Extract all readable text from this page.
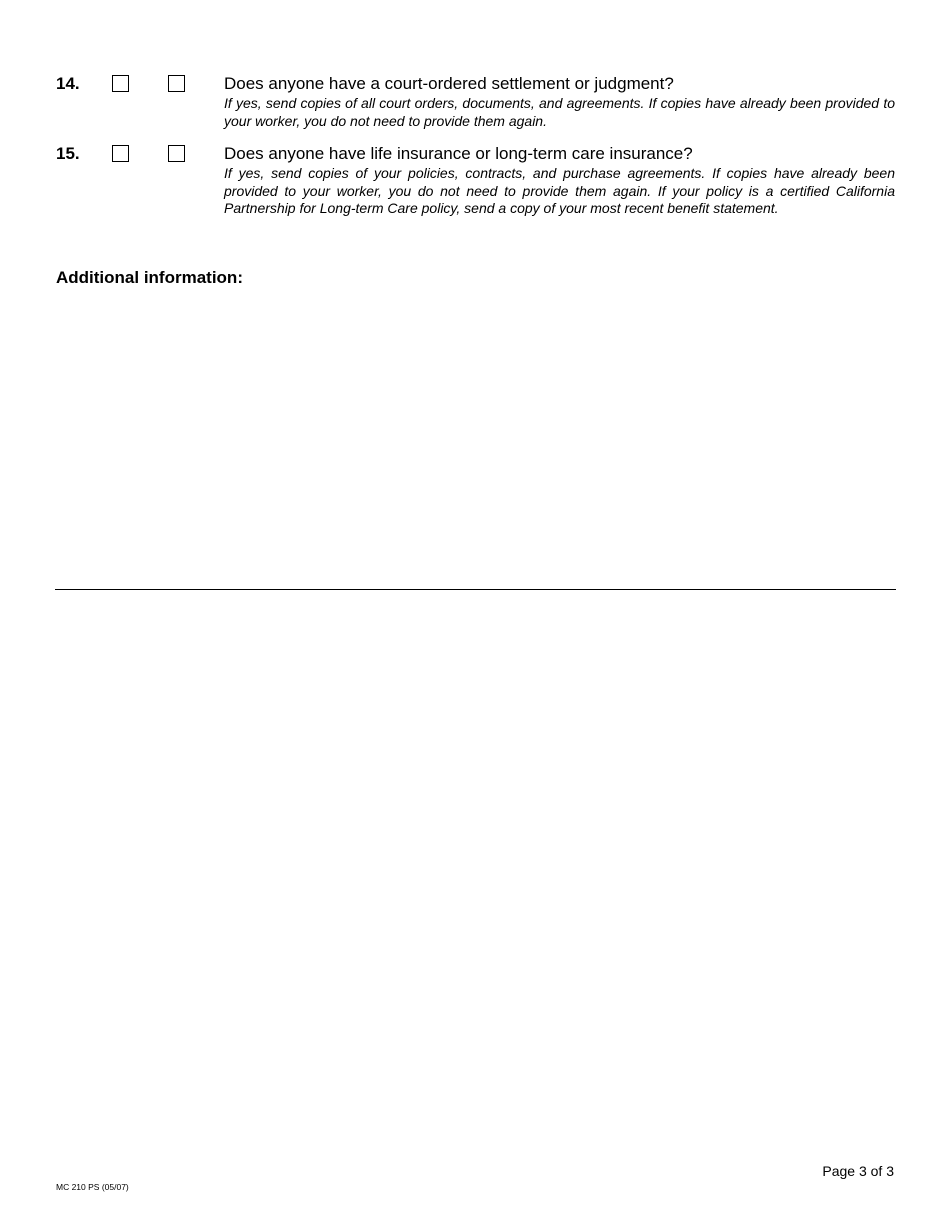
14.	Does anyone have a court-ordered settlement or judgment?

If yes, send copies of all court orders, documents, and agreements. If copies have already been provided to your worker, you do not need to provide them again.

15.	Does anyone have life insurance or long-term care insurance?

If yes, send copies of your policies, contracts, and purchase agreements. If copies have already been provided to your worker, you do not need to provide them again. If your policy is a certified California Partnership for Long-term Care policy, send a copy of your most recent benefit statement.

Additional information:
Page 3 of 3
MC 210 PS (05/07)
